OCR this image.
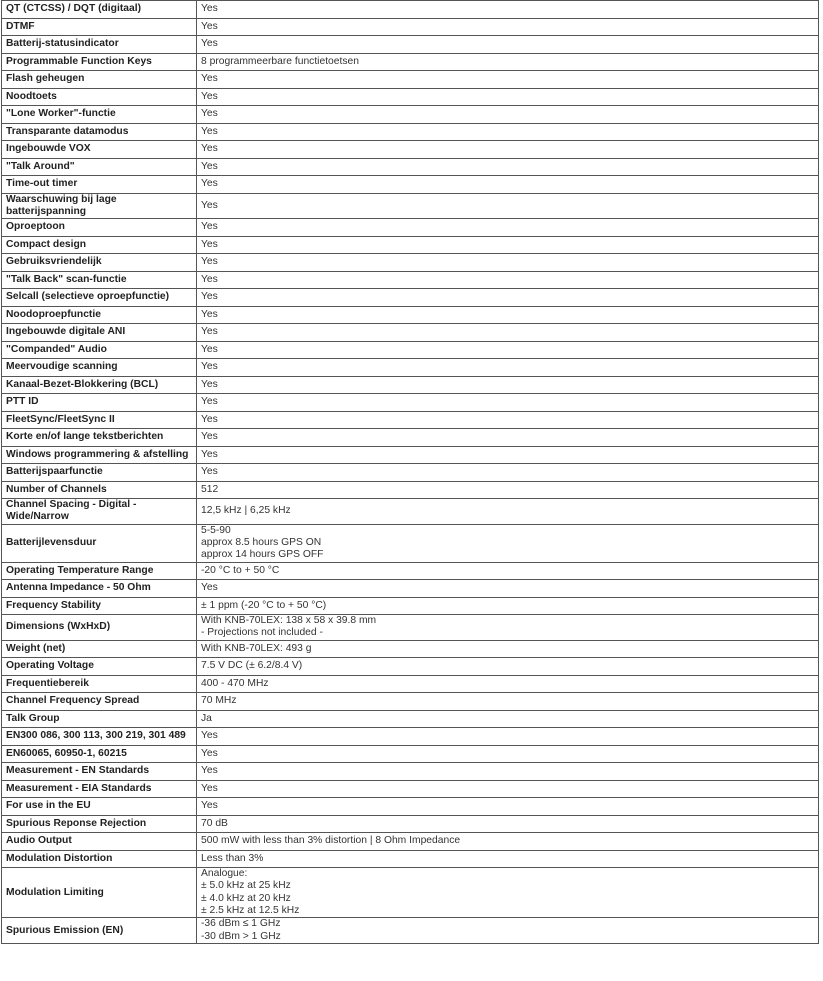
QT (CTCSS) / DQT (digitaal)	Yes

DTMF	Yes

Batterij-statusindicator	Yes

Programmable Function Keys	8 programmeerbare functietoetsen

Flash geheugen	Yes

Noodtoets	Yes

"Lone Worker"-functie	Yes

Transparante datamodus	Yes

Ingebouwde VOX	Yes

"Talk Around"	Yes

Time-out timer	Yes

Waarschuwing bij lage batterijspanning	Yes

Oproeptoon	Yes

Compact design	Yes

Gebruiksvriendelijk	Yes

"Talk Back" scan-functie	Yes

Selcall (selectieve oproepfunctie)	Yes

Noodoproepfunctie	Yes

Ingebouwde digitale ANI	Yes

"Companded" Audio	Yes

Meervoudige scanning	Yes

Kanaal-Bezet-Blokkering (BCL)	Yes

PTT ID	Yes

FleetSync/FleetSync II	Yes

Korte en/of lange tekstberichten	Yes

Windows programmering & afstelling	Yes

Batterijspaarfunctie	Yes

Number of Channels	512

Channel Spacing - Digital - Wide/Narrow	12,5 kHz | 6,25 kHz

Batterijlevensduur	5-5-90
approx 8.5 hours GPS ON
approx 14 hours GPS OFF

Operating Temperature Range	-20 °C to + 50 °C

Antenna Impedance - 50 Ohm	Yes

Frequency Stability	± 1 ppm (-20 °C to + 50 °C)

Dimensions (WxHxD)	With KNB-70LEX: 138 x 58 x 39.8 mm
- Projections not included -

Weight (net)	With KNB-70LEX: 493 g

Operating Voltage	7.5 V DC (± 6.2/8.4 V)

Frequentiebereik	400 - 470 MHz

Channel Frequency Spread	70 MHz

Talk Group	Ja

EN300 086, 300 113, 300 219, 301 489	Yes

EN60065, 60950-1, 60215	Yes

Measurement - EN Standards	Yes

Measurement - EIA Standards	Yes

For use in the EU	Yes

Spurious Reponse Rejection	70 dB

Audio Output	500 mW with less than 3% distortion | 8 Ohm Impedance

Modulation Distortion	Less than 3%

Modulation Limiting	Analogue:
± 5.0 kHz at 25 kHz
± 4.0 kHz at 20 kHz
± 2.5 kHz at 12.5 kHz

Spurious Emission (EN)	-36 dBm ≤ 1 GHz
-30 dBm > 1 GHz
